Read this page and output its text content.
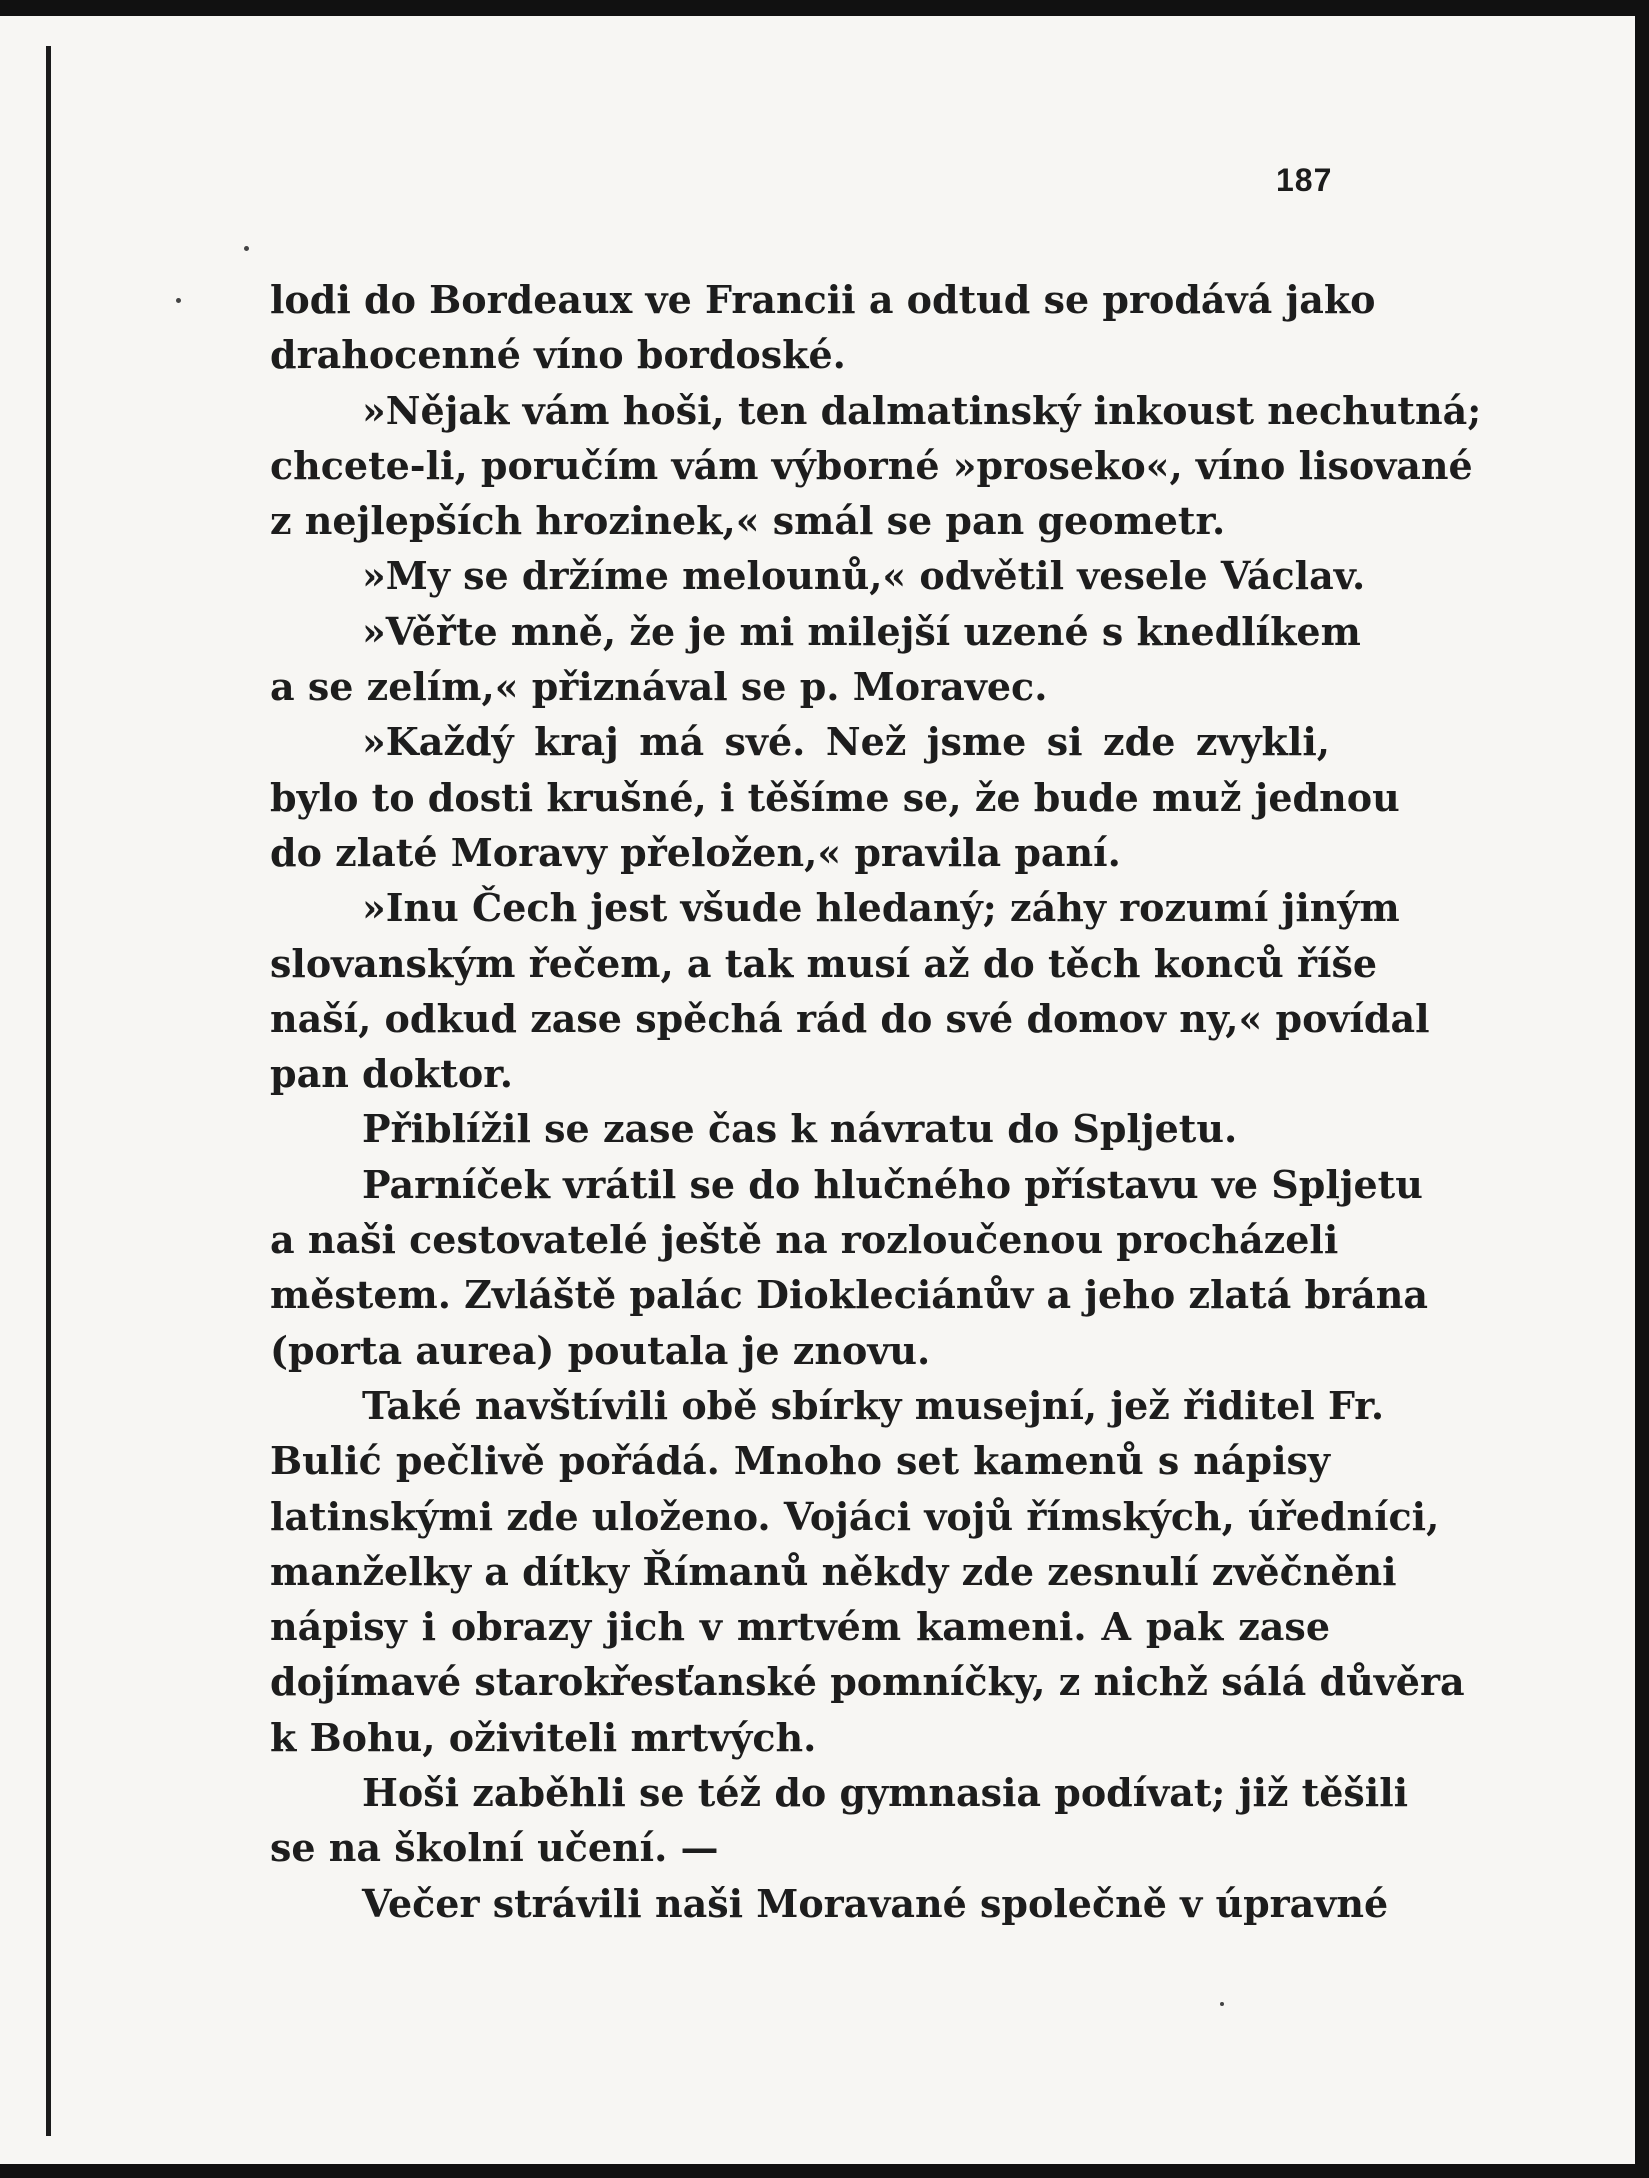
187
lodi do Bordeaux ve Francii a odtud se prodává jako
drahocenné víno bordoské.
»Nějak vám hoši, ten dalmatinský inkoust nechutná;
chcete-li, poručím vám výborné »proseko«, víno lisované
z nejlepších hrozinek,« smál se pan geometr.
»My se držíme melounů,« odvětil vesele Václav.
»Věřte mně, že je mi milejší uzené s knedlíkem
a se zelím,« přiznával se p. Moravec.
»Každý kraj má své. Než jsme si zde zvykli,
bylo to dosti krušné, i těšíme se, že bude muž jednou
do zlaté Moravy přeložen,« pravila paní.
»Inu Čech jest všude hledaný; záhy rozumí jiným
slovanským řečem, a tak musí až do těch konců říše
naší, odkud zase spěchá rád do své domov ny,« povídal
pan doktor.
Přiblížil se zase čas k návratu do Spljetu.
Parníček vrátil se do hlučného přístavu ve Spljetu
a naši cestovatelé ještě na rozloučenou procházeli
městem. Zvláště palác Diokleciánův a jeho zlatá brána
(porta aurea) poutala je znovu.
Také navštívili obě sbírky musejní, jež řiditel Fr.
Bulić pečlivě pořádá. Mnoho set kamenů s nápisy
latinskými zde uloženo. Vojáci vojů římských, úředníci,
manželky a dítky Římanů někdy zde zesnulí zvěčněni
nápisy i obrazy jich v mrtvém kameni. A pak zase
dojímavé starokřesťanské pomníčky, z nichž sálá důvěra
k Bohu, oživiteli mrtvých.
Hoši zaběhli se též do gymnasia podívat; již těšili
se na školní učení. —
Večer strávili naši Moravané společně v úpravné
